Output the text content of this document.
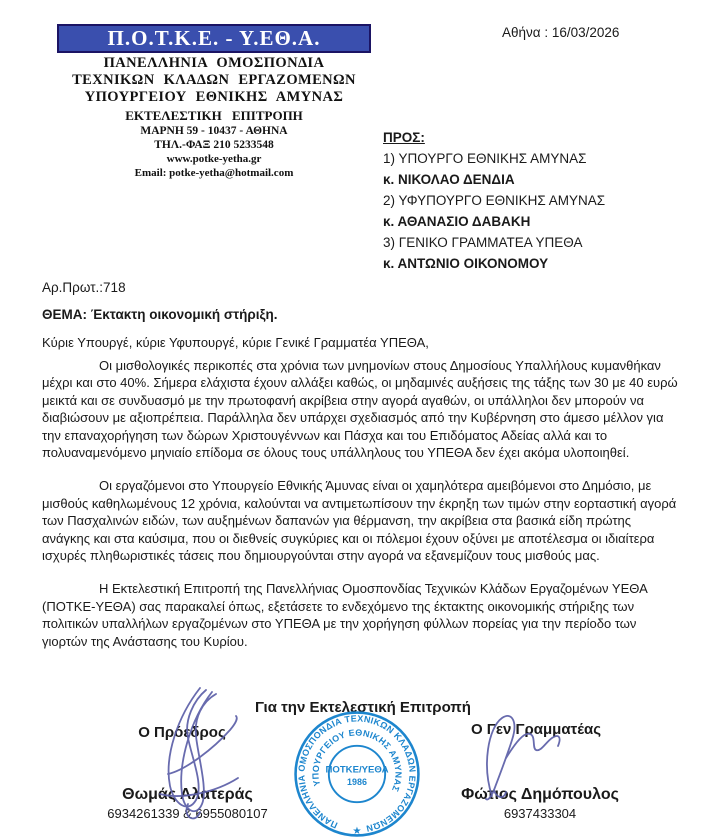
Π.Ο.Τ.Κ.Ε. - Υ.ΕΘ.Α.
ΠΑΝΕΛΛΗΝΙΑ ΟΜΟΣΠΟΝΔΙΑ
ΤΕΧΝΙΚΩΝ ΚΛΑΔΩΝ ΕΡΓΑΖΟΜΕΝΩΝ
ΥΠΟΥΡΓΕΙΟΥ ΕΘΝΙΚΗΣ ΑΜΥΝΑΣ
ΕΚΤΕΛΕΣΤΙΚΗ ΕΠΙΤΡΟΠΗ
ΜΑΡΝΗ 59 - 10437 - ΑΘΗΝΑ
ΤΗΛ.-ΦΑΞ 210 5233548
www.potke-yetha.gr
Email: potke-yetha@hotmail.com
Αθήνα : 16/03/2026
ΠΡΟΣ:
1) ΥΠΟΥΡΓΟ ΕΘΝΙΚΗΣ ΑΜΥΝΑΣ
κ. ΝΙΚΟΛΑΟ ΔΕΝΔΙΑ
2) ΥΦΥΠΟΥΡΓΟ ΕΘΝΙΚΗΣ ΑΜΥΝΑΣ
κ. ΑΘΑΝΑΣΙΟ ΔΑΒΑΚΗ
3) ΓΕΝΙΚΟ ΓΡΑΜΜΑΤΕΑ ΥΠΕΘΑ
κ. ΑΝΤΩΝΙΟ ΟΙΚΟΝΟΜΟΥ
Αρ.Πρωτ.:718
ΘΕΜΑ: Έκτακτη οικονομική στήριξη.
Κύριε Υπουργέ, κύριε Υφυπουργέ, κύριε Γενικέ Γραμματέα ΥΠΕΘΑ,

Οι μισθολογικές περικοπές στα χρόνια των μνημονίων στους Δημοσίους Υπαλλήλους κυμανθήκαν μέχρι και στο 40%. Σήμερα ελάχιστα έχουν αλλάξει καθώς, οι μηδαμινές αυξήσεις της τάξης των 30 με 40 ευρώ μεικτά και σε συνδυασμό με την πρωτοφανή ακρίβεια στην αγορά αγαθών, οι υπάλληλοι δεν μπορούν να διαβιώσουν με αξιοπρέπεια. Παράλληλα δεν υπάρχει σχεδιασμός από την Κυβέρνηση στο άμεσο μέλλον για την επαναχορήγηση των δώρων Χριστουγέννων και Πάσχα και του Επιδόματος Αδείας αλλά και το πολυαναμενόμενο μηνιαίο επίδομα σε όλους τους υπάλληλους του ΥΠΕΘΑ δεν έχει ακόμα υλοποιηθεί.

Οι εργαζόμενοι στο Υπουργείο Εθνικής Άμυνας είναι οι χαμηλότερα αμειβόμενοι στο Δημόσιο, με μισθούς καθηλωμένους 12 χρόνια, καλούνται να αντιμετωπίσουν την έκρηξη των τιμών στην εορταστική αγορά των Πασχαλινών ειδών, των αυξημένων δαπανών για θέρμανση, την ακρίβεια στα βασικά είδη πρώτης ανάγκης και στα καύσιμα, που οι διεθνείς συγκύριες και οι πόλεμοι έχουν οξύνει με αποτέλεσμα οι ιδιαίτερα ισχυρές πληθωριστικές τάσεις που δημιουργούνται στην αγορά να εξανεμίζουν τους μισθούς μας.

Η Εκτελεστική Επιτροπή της Πανελλήνιας Ομοσπονδίας Τεχνικών Κλάδων Εργαζομένων ΥΕΘΑ (ΠΟΤΚΕ-ΥΕΘΑ) σας παρακαλεί όπως, εξετάσετε το ενδεχόμενο της έκτακτης οικονομικής στήριξης των πολιτικών υπαλλήλων εργαζομένων στο ΥΠΕΘΑ με την χορήγηση φύλλων πορείας για την περίοδο των γιορτών της Ανάστασης του Κυρίου.

Για την Εκτελεστική Επιτροπή
Ο Πρόεδρος	Ο Γεν Γραμματέας
Θωμάς Αλατεράς
6934261339 & 6955080107
Φώτιος Δημόπουλος
6937433304
ΠΑΝΕΛΛΗΝΙΑ ΟΜΟΣΠΟΝΔΙΑ ΤΕΧΝΙΚΩΝ ΚΛΑΔΩΝ ΕΡΓΑΖΟΜΕΝΩΝ
ΥΠΟΥΡΓΕΙΟΥ ΕΘΝΙΚΗΣ ΑΜΥΝΑΣ
ΠΟΤΚΕ/ΥΕΘΑ
1986
★
